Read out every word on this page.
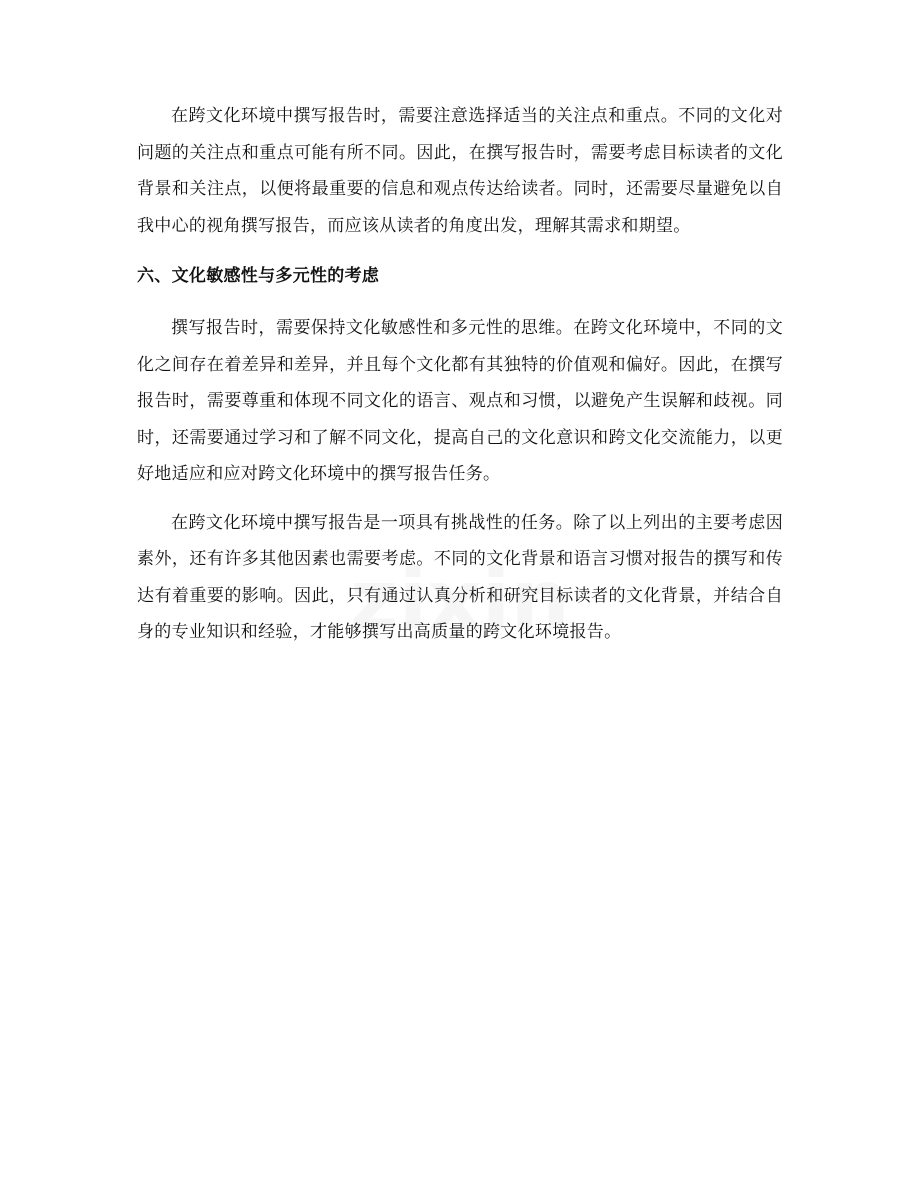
在跨文化环境中撰写报告时，需要注意选择适当的关注点和重点。不同的文化对问题的关注点和重点可能有所不同。因此，在撰写报告时，需要考虑目标读者的文化背景和关注点，以便将最重要的信息和观点传达给读者。同时，还需要尽量避免以自我中心的视角撰写报告，而应该从读者的角度出发，理解其需求和期望。

六、文化敏感性与多元性的考虑

撰写报告时，需要保持文化敏感性和多元性的思维。在跨文化环境中，不同的文化之间存在着差异和差异，并且每个文化都有其独特的价值观和偏好。因此，在撰写报告时，需要尊重和体现不同文化的语言、观点和习惯，以避免产生误解和歧视。同时，还需要通过学习和了解不同文化，提高自己的文化意识和跨文化交流能力，以更好地适应和应对跨文化环境中的撰写报告任务。

在跨文化环境中撰写报告是一项具有挑战性的任务。除了以上列出的主要考虑因素外，还有许多其他因素也需要考虑。不同的文化背景和语言习惯对报告的撰写和传达有着重要的影响。因此，只有通过认真分析和研究目标读者的文化背景，并结合自身的专业知识和经验，才能够撰写出高质量的跨文化环境报告。
